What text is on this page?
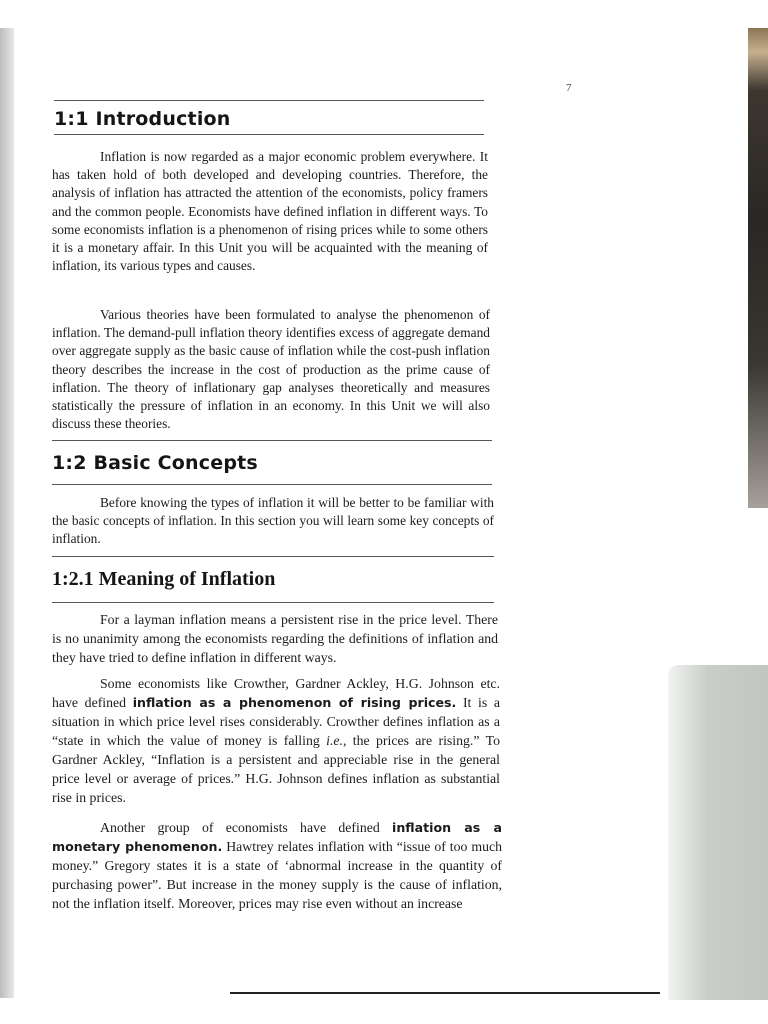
7
1:1 Introduction

Inflation is now regarded as a major economic problem everywhere. It has taken hold of both developed and developing countries. Therefore, the analysis of inflation has attracted the attention of the economists, policy framers and the common people. Economists have defined inflation in different ways. To some economists inflation is a phenomenon of rising prices while to some others it is a monetary affair. In this Unit you will be acquainted with the meaning of inflation, its various types and causes.

Various theories have been formulated to analyse the phenomenon of inflation. The demand-pull inflation theory identifies excess of aggregate demand over aggregate supply as the basic cause of inflation while the cost-push inflation theory describes the increase in the cost of production as the prime cause of inflation. The theory of inflationary gap analyses theoretically and measures statistically the pressure of inflation in an economy. In this Unit we will also discuss these theories.

1:2 Basic Concepts

Before knowing the types of inflation it will be better to be familiar with the basic concepts of inflation. In this section you will learn some key concepts of inflation.

1:2.1 Meaning of Inflation

For a layman inflation means a persistent rise in the price level. There is no unanimity among the economists regarding the definitions of inflation and they have tried to define inflation in different ways.

Some economists like Crowther, Gardner Ackley, H.G. Johnson etc. have defined inflation as a phenomenon of rising prices. It is a situation in which price level rises considerably. Crowther defines inflation as a “state in which the value of money is falling i.e., the prices are rising.” To Gardner Ackley, “Inflation is a persistent and appreciable rise in the general price level or average of prices.” H.G. Johnson defines inflation as substantial rise in prices.

Another group of economists have defined inflation as a monetary phenomenon. Hawtrey relates inflation with “issue of too much money.” Gregory states it is a state of ‘abnormal increase in the quantity of purchasing power”. But increase in the money supply is the cause of inflation, not the inflation itself. Moreover, prices may rise even without an increase
